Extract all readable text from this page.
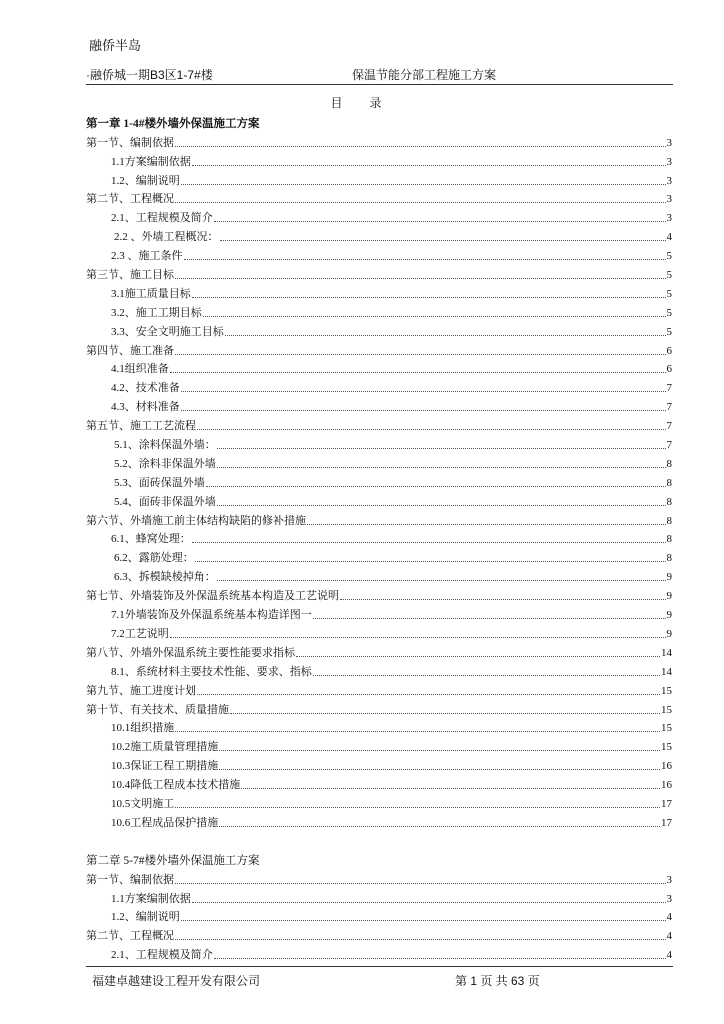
融侨半岛
·融侨城一期B3区1-7#楼	保温节能分部工程施工方案
目 录
第一章 1-4#楼外墙外保温施工方案
第一节、编制依据	3
1.1方案编制依据	3
1.2、编制说明	3
第二节、工程概况	3
2.1、工程规模及简介	3
2.2 、外墙工程概况：	4
2.3 、施工条件	5
第三节、施工目标	5
3.1施工质量目标	5
3.2、施工工期目标	5
3.3、安全文明施工目标	5
第四节、施工准备	6
4.1组织准备	6
4.2、技术准备	7
4.3、材料准备	7
第五节、施工工艺流程	7
5.1、涂料保温外墙：	7
5.2、涂料非保温外墙	8
5.3、面砖保温外墙	8
5.4、面砖非保温外墙	8
第六节、外墙施工前主体结构缺陷的修补措施	8
6.1、蜂窝处理：	8
6.2、露筋处理：	8
6.3、拆模缺棱掉角：	9
第七节、外墙装饰及外保温系统基本构造及工艺说明	9
7.1外墙装饰及外保温系统基本构造详图一	9
7.2工艺说明	9
第八节、外墙外保温系统主要性能要求指标	14
8.1、系统材料主要技术性能、要求、指标	14
第九节、施工进度计划	15
第十节、有关技术、质量措施	15
10.1组织措施	15
10.2施工质量管理措施	15
10.3保证工程工期措施	16
10.4降低工程成本技术措施	16
10.5文明施工	17
10.6工程成品保护措施	17
第二章 5-7#楼外墙外保温施工方案
第一节、编制依据	3
1.1方案编制依据	3
1.2、编制说明	4
第二节、工程概况	4
2.1、工程规模及简介	4
福建卓越建设工程开发有限公司	第 1 页 共 63 页
